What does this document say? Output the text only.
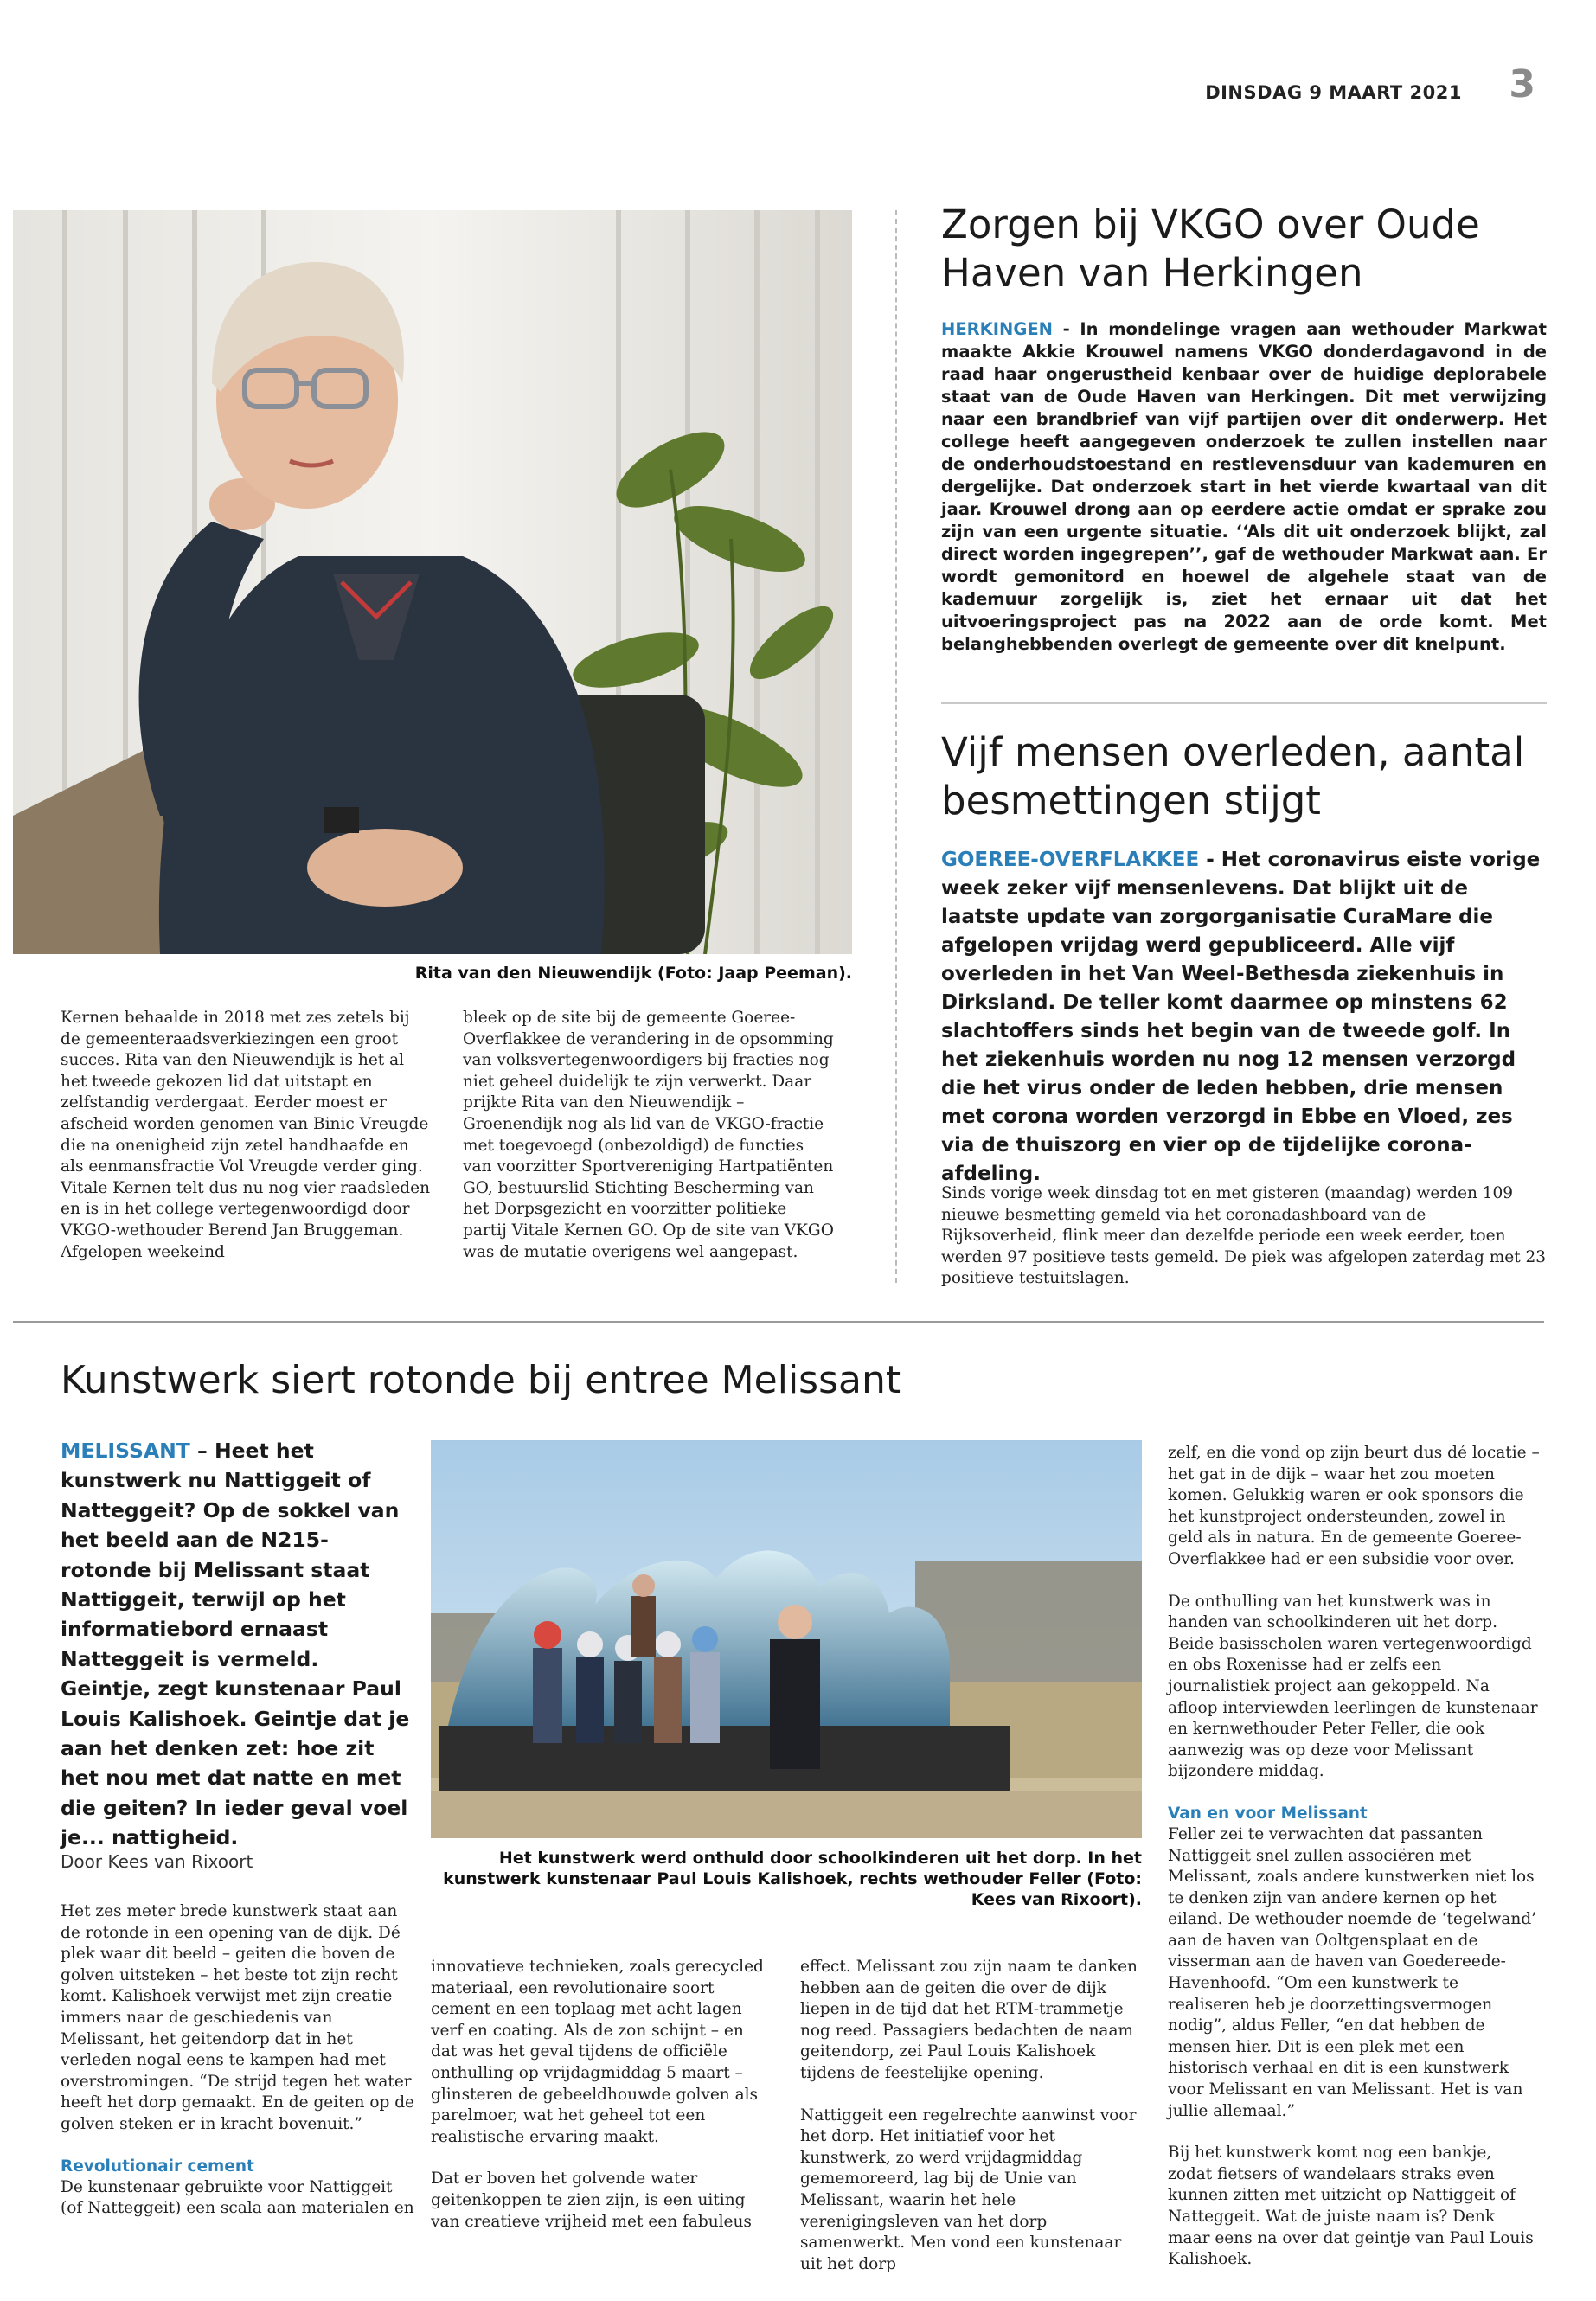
DINSDAG 9 MAART 2021 3
Rita van den Nieuwendijk (Foto: Jaap Peeman).
Kernen behaalde in 2018 met zes zetels bij de gemeenteraadsverkiezingen een groot succes. Rita van den Nieuwendijk is het al het tweede gekozen lid dat uitstapt en zelfstandig verdergaat. Eerder moest er afscheid worden genomen van Binic Vreugde die na onenigheid zijn zetel handhaafde en als eenmansfractie Vol Vreugde verder ging. Vitale Kernen telt dus nu nog vier raadsleden en is in het college vertegenwoordigd door VKGO-wethouder Berend Jan Bruggeman. Afgelopen weekeind
bleek op de site bij de gemeente Goeree-Overflakkee de verandering in de opsomming van volksvertegenwoordigers bij fracties nog niet geheel duidelijk te zijn verwerkt. Daar prijkte Rita van den Nieuwendijk – Groenendijk nog als lid van de VKGO-fractie met toegevoegd (onbezoldigd) de functies van voorzitter Sportvereniging Hartpatiënten GO, bestuurslid Stichting Bescherming van het Dorpsgezicht en voorzitter politieke partij Vitale Kernen GO. Op de site van VKGO was de mutatie overigens wel aangepast.
Zorgen bij VKGO over Oude Haven van Herkingen
HERKINGEN - In mondelinge vragen aan wethouder Markwat maakte Akkie Krouwel namens VKGO donderdagavond in de raad haar ongerustheid kenbaar over de huidige deplorabele staat van de Oude Haven van Herkingen. Dit met verwijzing naar een brandbrief van vijf partijen over dit onderwerp. Het college heeft aangegeven onderzoek te zullen instellen naar de onderhoudstoestand en restlevensduur van kademuren en dergelijke. Dat onderzoek start in het vierde kwartaal van dit jaar. Krouwel drong aan op eerdere actie omdat er sprake zou zijn van een urgente situatie. ‘‘Als dit uit onderzoek blijkt, zal direct worden ingegrepen’’, gaf de wethouder Markwat aan. Er wordt gemonitord en hoewel de algehele staat van de kademuur zorgelijk is, ziet het ernaar uit dat het uitvoeringsproject pas na 2022 aan de orde komt. Met belanghebbenden overlegt de gemeente over dit knelpunt.
Vijf mensen overleden, aantal besmettingen stijgt
GOEREE-OVERFLAKKEE - Het coronavirus eiste vorige week zeker vijf mensenlevens. Dat blijkt uit de laatste update van zorgorganisatie CuraMare die afgelopen vrijdag werd gepubliceerd. Alle vijf overleden in het Van Weel-Bethesda ziekenhuis in Dirksland. De teller komt daarmee op minstens 62 slachtoffers sinds het begin van de tweede golf. In het ziekenhuis worden nu nog 12 mensen verzorgd die het virus onder de leden hebben, drie mensen met corona worden verzorgd in Ebbe en Vloed, zes via de thuiszorg en vier op de tijdelijke corona-afdeling.
Sinds vorige week dinsdag tot en met gisteren (maandag) werden 109 nieuwe besmetting gemeld via het coronadashboard van de Rijksoverheid, flink meer dan dezelfde periode een week eerder, toen werden 97 positieve tests gemeld. De piek was afgelopen zaterdag met 23 positieve testuitslagen.
Kunstwerk siert rotonde bij entree Melissant
MELISSANT – Heet het kunstwerk nu Nattiggeit of Natteggeit? Op de sokkel van het beeld aan de N215-rotonde bij Melissant staat Nattiggeit, terwijl op het informatiebord ernaast Natteggeit is vermeld. Geintje, zegt kunstenaar Paul Louis Kalishoek. Geintje dat je aan het denken zet: hoe zit het nou met dat natte en met die geiten? In ieder geval voel je... nattigheid.
Door Kees van Rixoort

Het zes meter brede kunstwerk staat aan de rotonde in een opening van de dijk. Dé plek waar dit beeld – geiten die boven de golven uitsteken – het beste tot zijn recht komt. Kalishoek verwijst met zijn creatie immers naar de geschiedenis van Melissant, het geitendorp dat in het verleden nogal eens te kampen had met overstromingen. “De strijd tegen het water heeft het dorp gemaakt. En de geiten op de golven steken er in kracht bovenuit.”

Revolutionair cement

De kunstenaar gebruikte voor Nattiggeit (of Natteggeit) een scala aan materialen en

Het kunstwerk werd onthuld door schoolkinderen uit het dorp. In het kunstwerk kunstenaar Paul Louis Kalishoek, rechts wethouder Feller (Foto: Kees van Rixoort).

innovatieve technieken, zoals gerecycled materiaal, een revolutionaire soort cement en een toplaag met acht lagen verf en coating. Als de zon schijnt – en dat was het geval tijdens de officiële onthulling op vrijdagmiddag 5 maart – glinsteren de gebeeldhouwde golven als parelmoer, wat het geheel tot een realistische ervaring maakt.

Dat er boven het golvende water geitenkoppen te zien zijn, is een uiting van creatieve vrijheid met een fabuleus

effect. Melissant zou zijn naam te danken hebben aan de geiten die over de dijk liepen in de tijd dat het RTM-trammetje nog reed. Passagiers bedachten de naam geitendorp, zei Paul Louis Kalishoek tijdens de feestelijke opening.

Nattiggeit een regelrechte aanwinst voor het dorp. Het initiatief voor het kunstwerk, zo werd vrijdagmiddag gememoreerd, lag bij de Unie van Melissant, waarin het hele verenigingsleven van het dorp samenwerkt. Men vond een kunstenaar uit het dorp

zelf, en die vond op zijn beurt dus dé locatie – het gat in de dijk – waar het zou moeten komen. Gelukkig waren er ook sponsors die het kunstproject ondersteunden, zowel in geld als in natura. En de gemeente Goeree-Overflakkee had er een subsidie voor over.

De onthulling van het kunstwerk was in handen van schoolkinderen uit het dorp. Beide basisscholen waren vertegenwoordigd en obs Roxenisse had er zelfs een journalistiek project aan gekoppeld. Na afloop interviewden leerlingen de kunstenaar en kernwethouder Peter Feller, die ook aanwezig was op deze voor Melissant bijzondere middag.

Van en voor Melissant

Feller zei te verwachten dat passanten Nattiggeit snel zullen associëren met Melissant, zoals andere kunstwerken niet los te denken zijn van andere kernen op het eiland. De wethouder noemde de ‘tegelwand’ aan de haven van Ooltgensplaat en de visserman aan de haven van Goedereede-Havenhoofd. “Om een kunstwerk te realiseren heb je doorzettingsvermogen nodig”, aldus Feller, “en dat hebben de mensen hier. Dit is een plek met een historisch verhaal en dit is een kunstwerk voor Melissant en van Melissant. Het is van jullie allemaal.”

Bij het kunstwerk komt nog een bankje, zodat fietsers of wandelaars straks even kunnen zitten met uitzicht op Nattiggeit of Natteggeit. Wat de juiste naam is? Denk maar eens na over dat geintje van Paul Louis Kalishoek.
